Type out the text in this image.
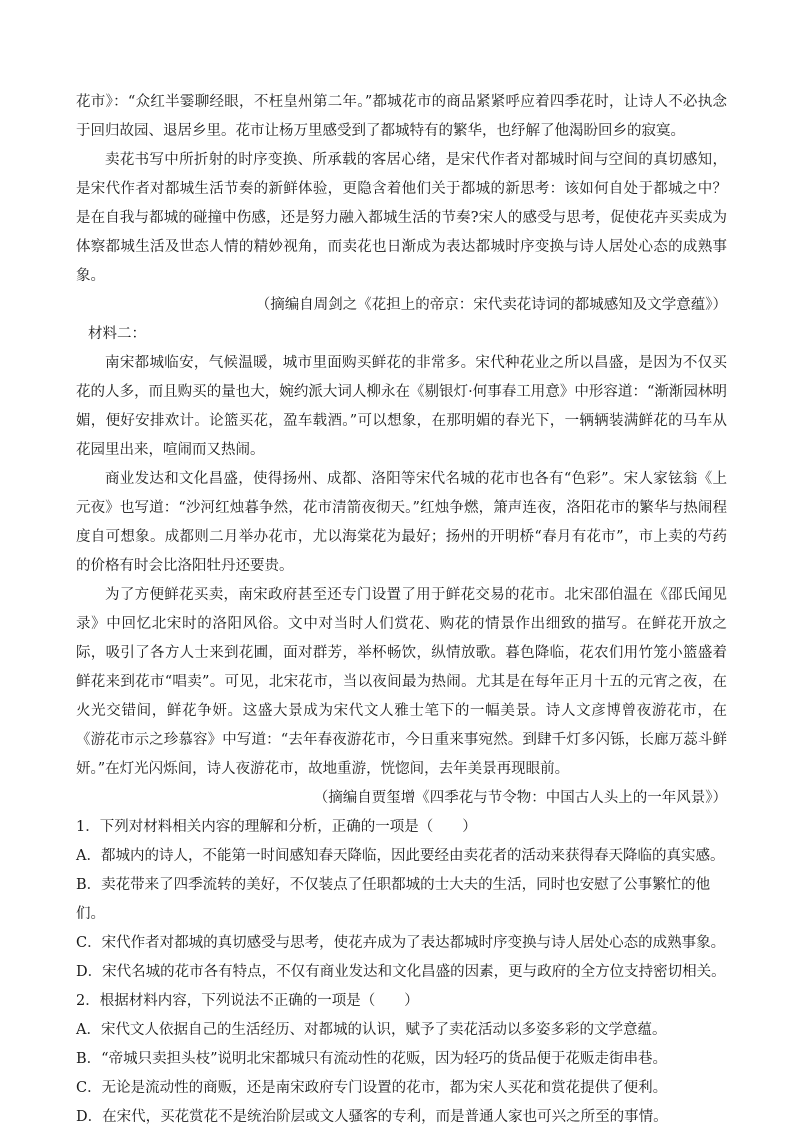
花市》：“众红半霎聊经眼，不枉皇州第二年。”都城花市的商品紧紧呼应着四季花时，让诗人不必执念于回归故园、退居乡里。花市让杨万里感受到了都城特有的繁华，也纾解了他渴盼回乡的寂寞。

卖花书写中所折射的时序变换、所承载的客居心绪，是宋代作者对都城时间与空间的真切感知，是宋代作者对都城生活节奏的新鲜体验，更隐含着他们关于都城的新思考：该如何自处于都城之中？是在自我与都城的碰撞中伤感，还是努力融入都城生活的节奏?宋人的感受与思考，促使花卉买卖成为体察都城生活及世态人情的精妙视角，而卖花也日渐成为表达都城时序变换与诗人居处心态的成熟事象。

（摘编自周剑之《花担上的帝京：宋代卖花诗词的都城感知及文学意蕴》）

材料二：

南宋都城临安，气候温暖，城市里面购买鲜花的非常多。宋代种花业之所以昌盛，是因为不仅买花的人多，而且购买的量也大，婉约派大词人柳永在《剔银灯·何事春工用意》中形容道：“渐渐园林明媚，便好安排欢计。论篮买花，盈车载酒。”可以想象，在那明媚的春光下，一辆辆装满鲜花的马车从花园里出来，喧闹而又热闹。

商业发达和文化昌盛，使得扬州、成都、洛阳等宋代名城的花市也各有“色彩”。宋人家铉翁《上元夜》也写道：“沙河红烛暮争然，花市清箭夜彻天。”红烛争燃，箫声连夜，洛阳花市的繁华与热闹程度自可想象。成都则二月举办花市，尤以海棠花为最好；扬州的开明桥“春月有花市”，市上卖的芍药的价格有时会比洛阳牡丹还要贵。

为了方便鲜花买卖，南宋政府甚至还专门设置了用于鲜花交易的花市。北宋邵伯温在《邵氏闻见录》中回忆北宋时的洛阳风俗。文中对当时人们赏花、购花的情景作出细致的描写。在鲜花开放之际，吸引了各方人士来到花圃，面对群芳，举杯畅饮，纵情放歌。暮色降临，花农们用竹笼小篮盛着鲜花来到花市“唱卖”。可见，北宋花市，当以夜间最为热闹。尤其是在每年正月十五的元宵之夜，在火光交错间，鲜花争妍。这盛大景成为宋代文人雅士笔下的一幅美景。诗人文彦博曾夜游花市，在《游花市示之珍慕容》中写道：“去年春夜游花市，今日重来事宛然。到肆千灯多闪铄，长廊万蕊斗鲜妍。”在灯光闪烁间，诗人夜游花市，故地重游，恍惚间，去年美景再现眼前。

（摘编自贾玺增《四季花与节令物：中国古人头上的一年风景》）

1．下列对材料相关内容的理解和分析，正确的一项是（　　）

A．都城内的诗人，不能第一时间感知春天降临，因此要经由卖花者的活动来获得春天降临的真实感。

B．卖花带来了四季流转的美好，不仅装点了任职都城的士大夫的生活，同时也安慰了公事繁忙的他们。

C．宋代作者对都城的真切感受与思考，使花卉成为了表达都城时序变换与诗人居处心态的成熟事象。

D．宋代名城的花市各有特点，不仅有商业发达和文化昌盛的因素，更与政府的全方位支持密切相关。

2．根据材料内容，下列说法不正确的一项是（　　）

A．宋代文人依据自己的生活经历、对都城的认识，赋予了卖花活动以多姿多彩的文学意蕴。

B．“帝城只卖担头枝”说明北宋都城只有流动性的花贩，因为轻巧的货品便于花贩走街串巷。

C．无论是流动性的商贩，还是南宋政府专门设置的花市，都为宋人买花和赏花提供了便利。

D．在宋代，买花赏花不是统治阶层或文人骚客的专利，而是普通人家也可兴之所至的事情。
